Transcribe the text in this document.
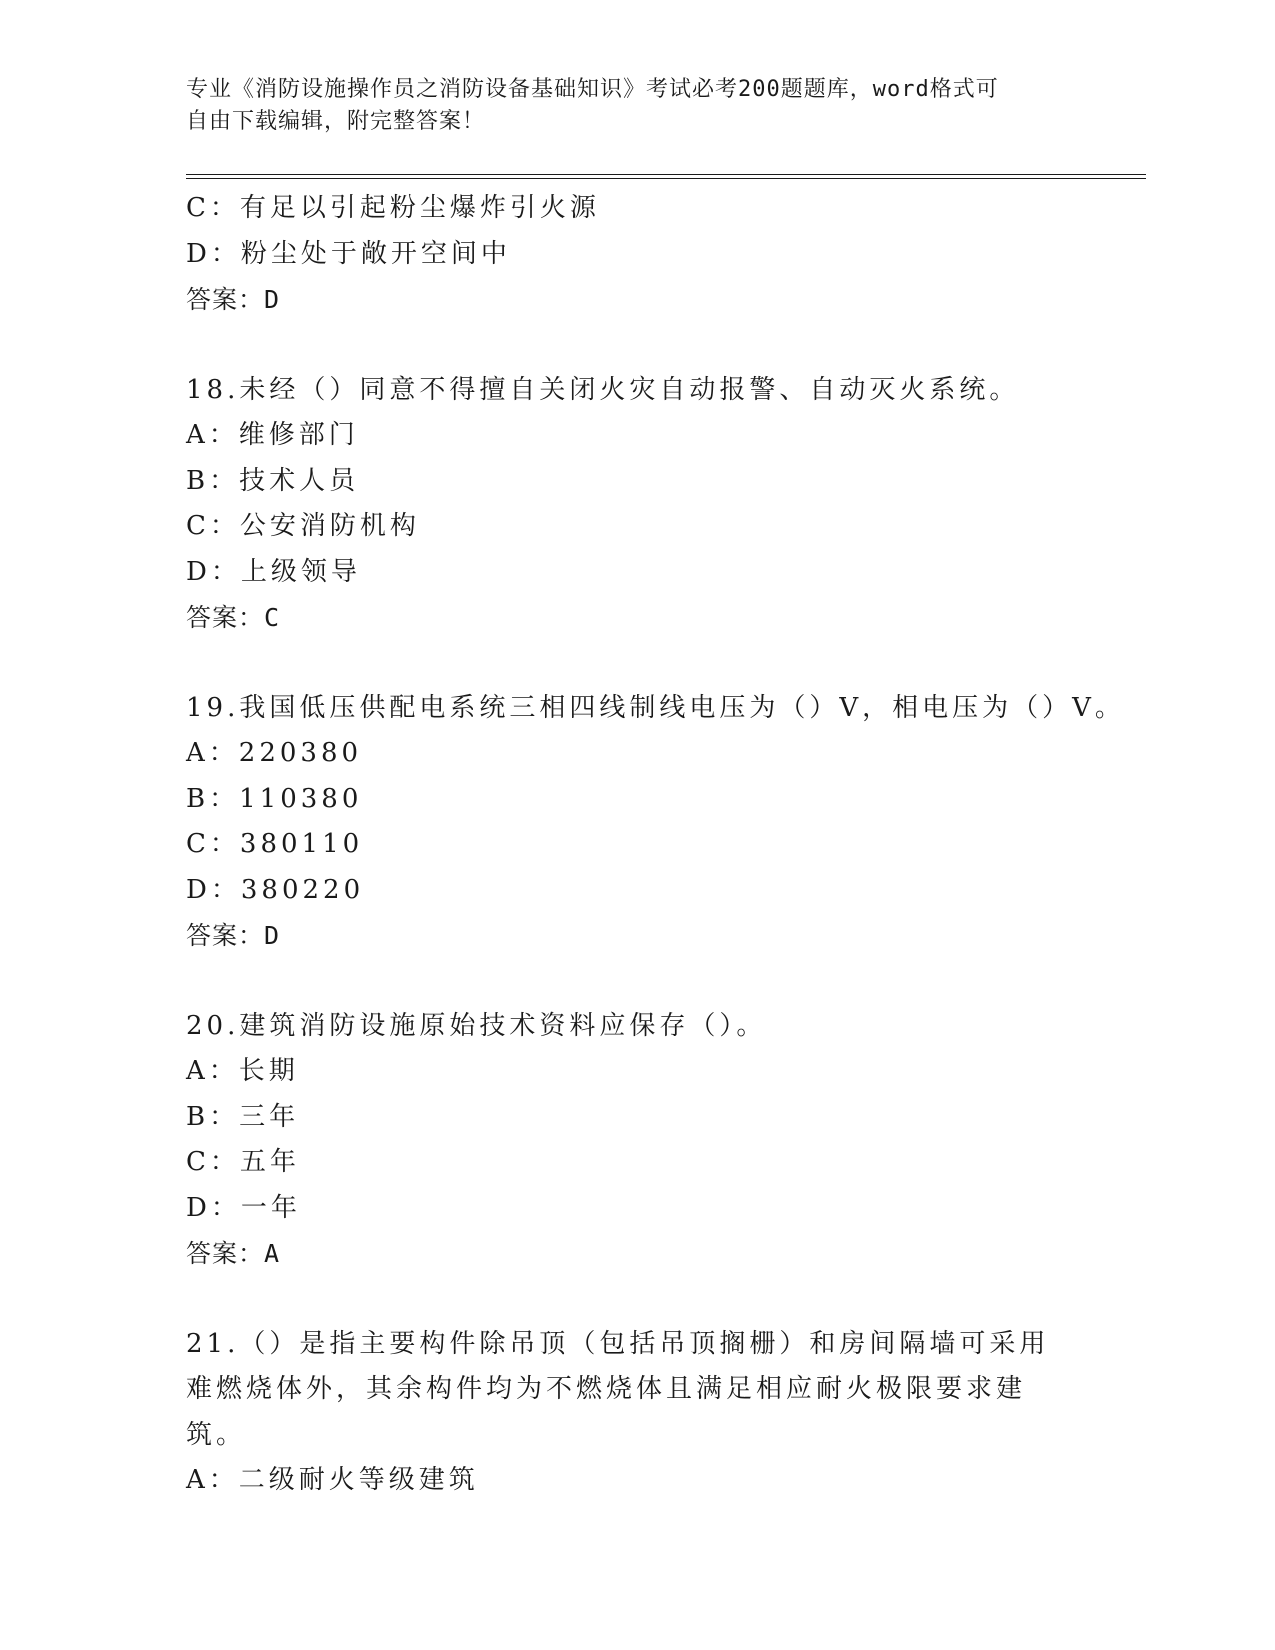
专业《消防设施操作员之消防设备基础知识》考试必考200题题库，word格式可
自由下载编辑，附完整答案！
C：有足以引起粉尘爆炸引火源
D：粉尘处于敞开空间中
答案：D
18.未经（）同意不得擅自关闭火灾自动报警、自动灭火系统。
A：维修部门
B：技术人员
C：公安消防机构
D：上级领导
答案：C
19.我国低压供配电系统三相四线制线电压为（）V，相电压为（）V。
A：220380
B：110380
C：380110
D：380220
答案：D
20.建筑消防设施原始技术资料应保存（）。
A：长期
B：三年
C：五年
D：一年
答案：A
21.（）是指主要构件除吊顶（包括吊顶搁栅）和房间隔墙可采用难燃烧体外，其余构件均为不燃烧体且满足相应耐火极限要求建筑。
A：二级耐火等级建筑
